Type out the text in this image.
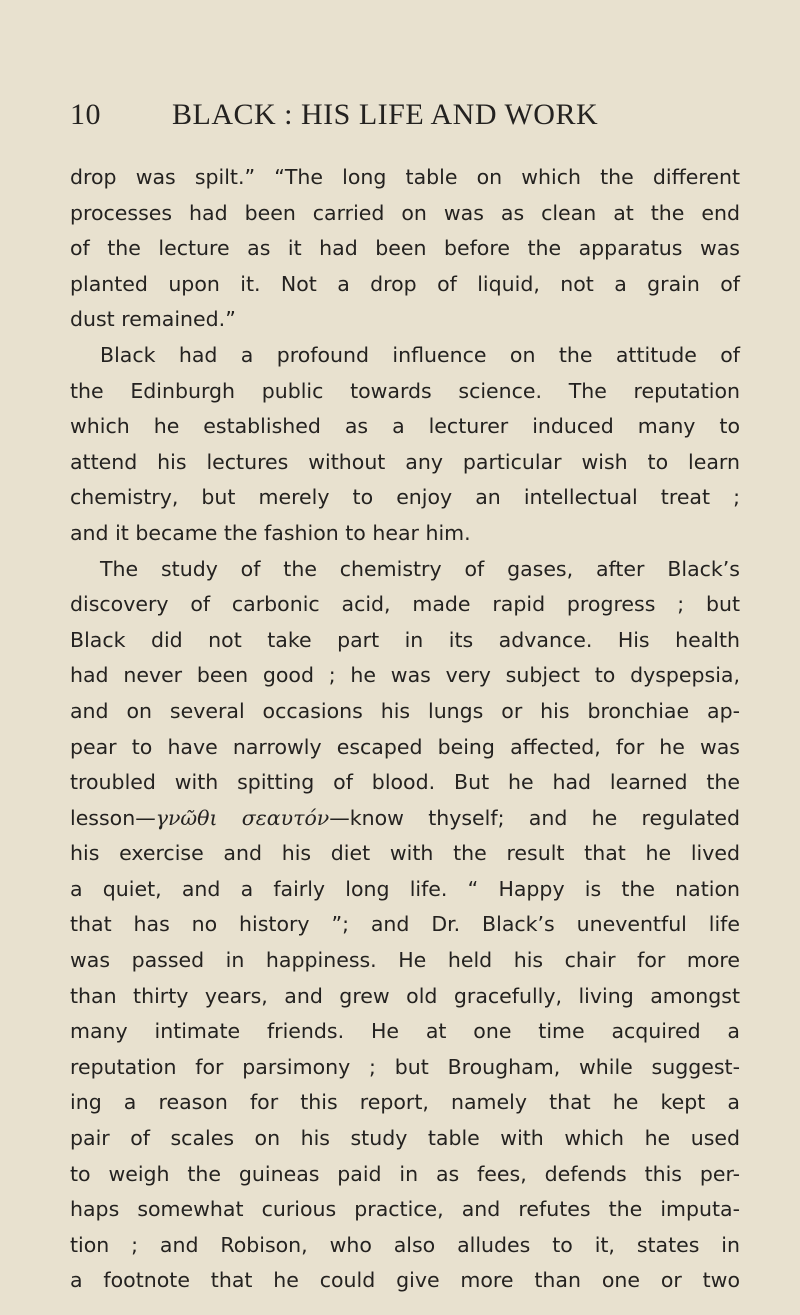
10 BLACK : HIS LIFE AND WORK
drop was spilt.” “The long table on which the different
processes had been carried on was as clean at the end
of the lecture as it had been before the apparatus was
planted upon it. Not a drop of liquid, not a grain of
dust remained.”
Black had a profound influence on the attitude of
the Edinburgh public towards science. The reputation
which he established as a lecturer induced many to
attend his lectures without any particular wish to learn
chemistry, but merely to enjoy an intellectual treat ;
and it became the fashion to hear him.
The study of the chemistry of gases, after Black’s
discovery of carbonic acid, made rapid progress ; but
Black did not take part in its advance. His health
had never been good ; he was very subject to dyspepsia,
and on several occasions his lungs or his bronchiae ap-
pear to have narrowly escaped being affected, for he was
troubled with spitting of blood. But he had learned the
lesson—γνῶθι σεαυτόν—know thyself; and he regulated
his exercise and his diet with the result that he lived
a quiet, and a fairly long life. “ Happy is the nation
that has no history ”; and Dr. Black’s uneventful life
was passed in happiness. He held his chair for more
than thirty years, and grew old gracefully, living amongst
many intimate friends. He at one time acquired a
reputation for parsimony ; but Brougham, while suggest-
ing a reason for this report, namely that he kept a
pair of scales on his study table with which he used
to weigh the guineas paid in as fees, defends this per-
haps somewhat curious practice, and refutes the imputa-
tion ; and Robison, who also alludes to it, states in
a footnote that he could give more than one or two
